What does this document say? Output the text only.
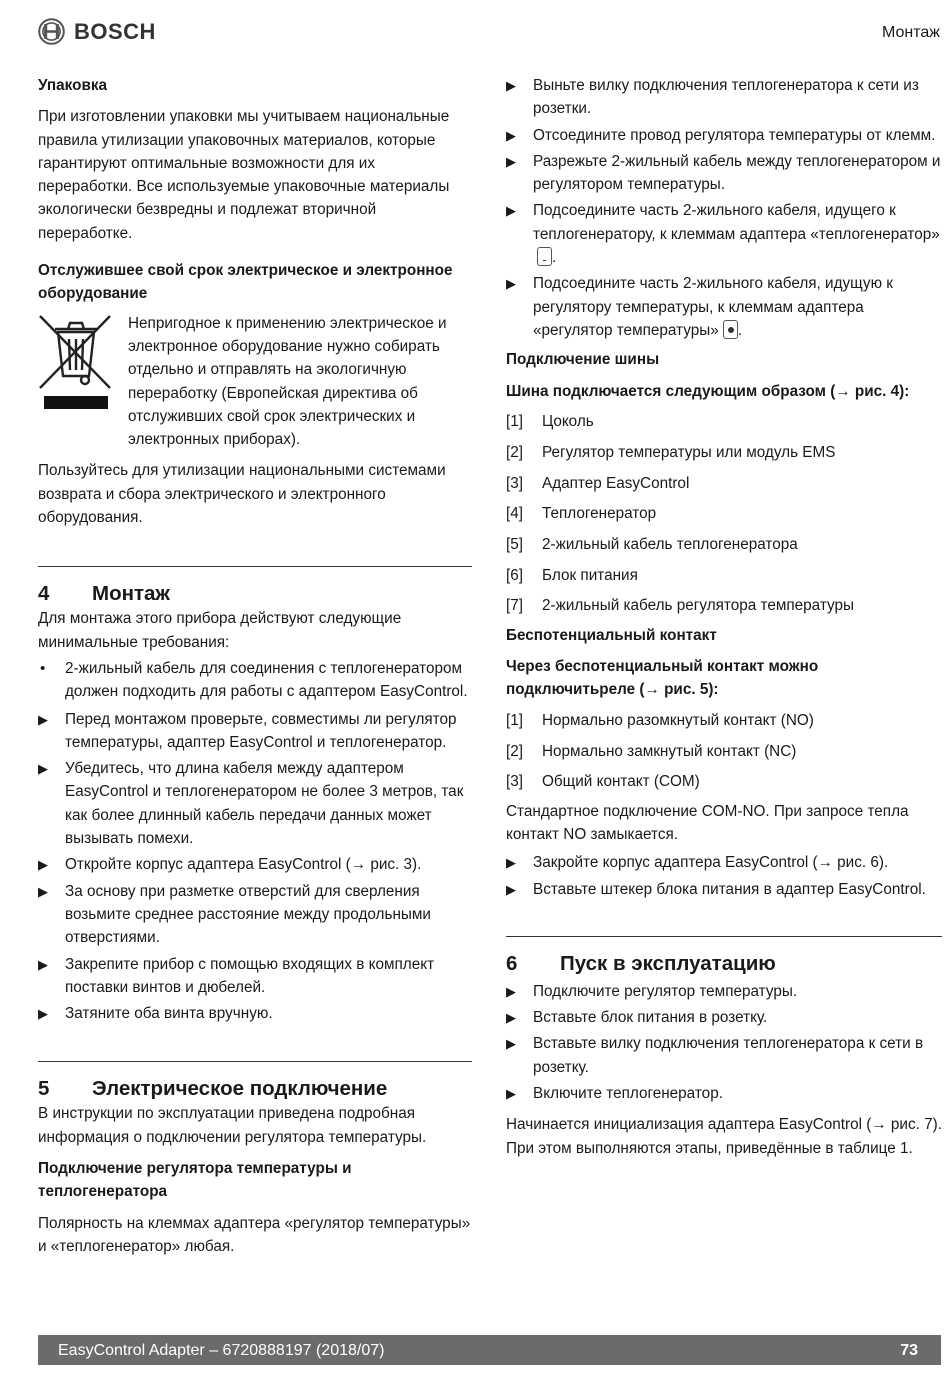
BOSCH	Монтаж

Упаковка

При изготовлении упаковки мы учитываем национальные правила утилизации упаковочных материалов, которые гарантируют оптимальные возможности для их переработки. Все используемые упаковочные материалы экологически безвредны и подлежат вторичной переработке.

Отслужившее свой срок электрическое и электронное оборудование

Непригодное к применению электрическое и электронное оборудование нужно собирать отдельно и отправлять на экологичную переработку (Европейская директива об отслуживших свой срок электрических и электронных приборах).

Пользуйтесь для утилизации национальными системами возврата и сбора электрического и электронного оборудования.

4	Монтаж

Для монтажа этого прибора действуют следующие минимальные требования:

• 2-жильный кабель для соединения с теплогенератором должен подходить для работы с адаптером EasyControl.
▶ Перед монтажом проверьте, совместимы ли регулятор температуры, адаптер EasyControl и теплогенератор.
▶ Убедитесь, что длина кабеля между адаптером EasyControl и теплогенератором не более 3 метров, так как более длинный кабель передачи данных может вызывать помехи.
▶ Откройте корпус адаптера EasyControl (→ рис. 3).
▶ За основу при разметке отверстий для сверления возьмите среднее расстояние между продольными отверстиями.
▶ Закрепите прибор с помощью входящих в комплект поставки винтов и дюбелей.
▶ Затяните оба винта вручную.
5	Электрическое подключение

В инструкции по эксплуатации приведена подробная информация о подключении регулятора температуры.

Подключение регулятора температуры и теплогенератора

Полярность на клеммах адаптера «регулятор температуры» и «теплогенератор» любая.

▶ Выньте вилку подключения теплогенератора к сети из розетки.
▶ Отсоедините провод регулятора температуры от клемм.
▶ Разрежьте 2-жильный кабель между теплогенератором и регулятором температуры.
▶ Подсоедините часть 2-жильного кабеля, идущего к теплогенератору, к клеммам адаптера «теплогенератор».
▶ Подсоедините часть 2-жильного кабеля, идущую к регулятору температуры, к клеммам адаптера «регулятор температуры» .

Подключение шины

Шина подключается следующим образом (→ рис. 4):

[1]	Цоколь
[2]	Регулятор температуры или модуль EMS
[3]	Адаптер EasyControl
[4]	Теплогенератор
[5]	2-жильный кабель теплогенератора
[6]	Блок питания
[7]	2-жильный кабель регулятора температуры

Беспотенциальный контакт

Через беспотенциальный контакт можно подключитьреле (→ рис. 5):

[1]	Нормально разомкнутый контакт (NO)
[2]	Нормально замкнутый контакт (NC)
[3]	Общий контакт (COM)

Стандартное подключение COM-NO. При запросе тепла контакт NO замыкается.

▶ Закройте корпус адаптера EasyControl (→ рис. 6).
▶ Вставьте штекер блока питания в адаптер EasyControl.
6	Пуск в эксплуатацию
▶ Подключите регулятор температуры.
▶ Вставьте блок питания в розетку.
▶ Вставьте вилку подключения теплогенератора к сети в розетку.
▶ Включите теплогенератор.

Начинается инициализация адаптера EasyControl (→ рис. 7). При этом выполняются этапы, приведённые в таблице 1.

EasyControl Adapter – 6720888197 (2018/07)	73
